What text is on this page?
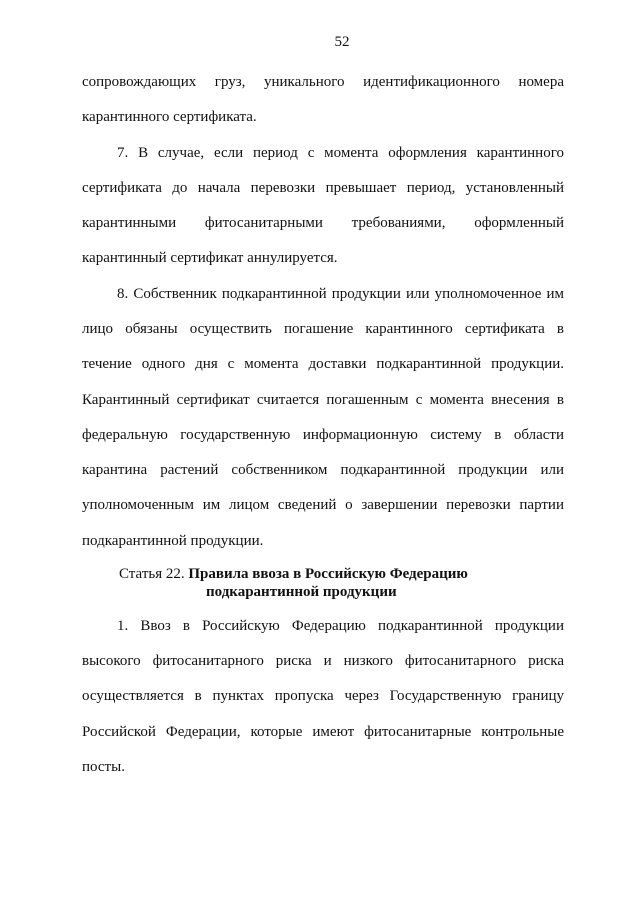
52
сопровождающих груз, уникального идентификационного номера
карантинного сертификата.
7. В случае, если период с момента оформления карантинного
сертификата до начала перевозки превышает период, установленный
карантинными фитосанитарными требованиями, оформленный
карантинный сертификат аннулируется.
8. Собственник подкарантинной продукции или уполномоченное им
лицо обязаны осуществить погашение карантинного сертификата в
течение одного дня с момента доставки подкарантинной продукции.
Карантинный сертификат считается погашенным с момента внесения в
федеральную государственную информационную систему в области
карантина растений собственником подкарантинной продукции или
уполномоченным им лицом сведений о завершении перевозки партии
подкарантинной продукции.
Статья 22. Правила ввоза в Российскую Федерацию
подкарантинной продукции
1. Ввоз в Российскую Федерацию подкарантинной продукции
высокого фитосанитарного риска и низкого фитосанитарного риска
осуществляется в пунктах пропуска через Государственную границу
Российской Федерации, которые имеют фитосанитарные контрольные
посты.
